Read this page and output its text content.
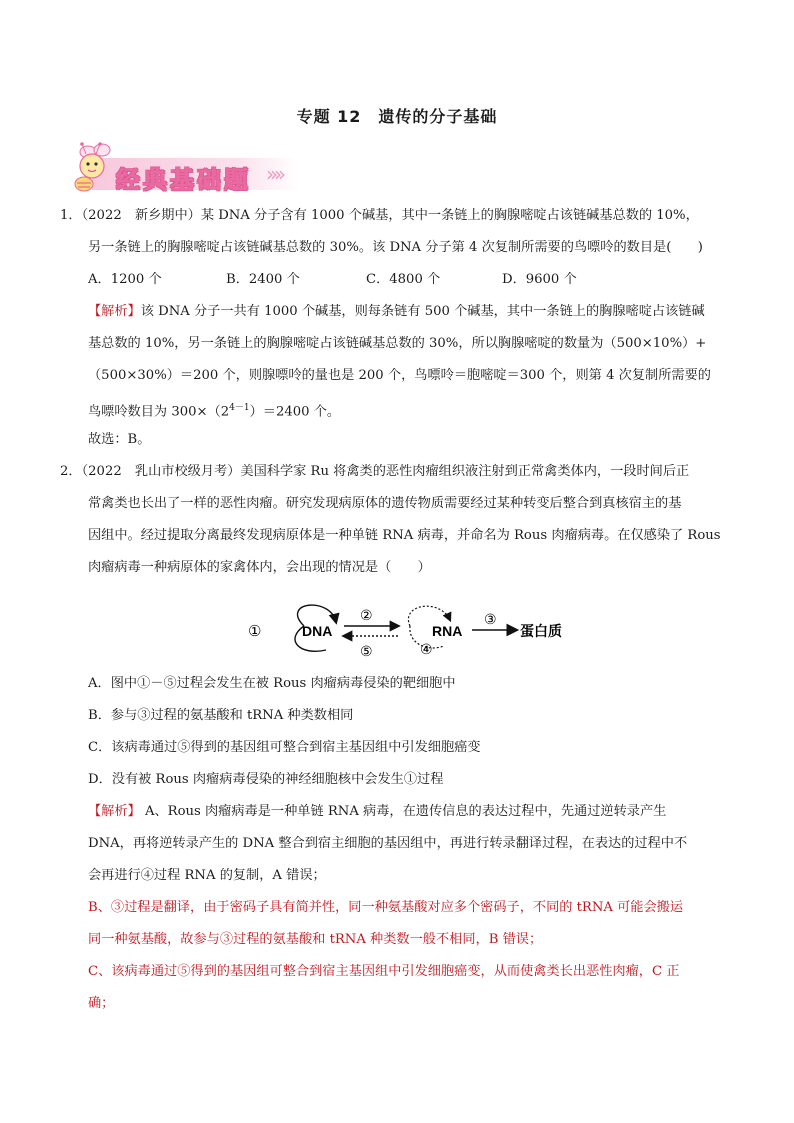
专题 12　遗传的分子基础
经典基础题 ››››
1．（2022　新乡期中）某 DNA 分子含有 1000 个碱基，其中一条链上的胸腺嘧啶占该链碱基总数的 10%，
另一条链上的胸腺嘧啶占该链碱基总数的 30%。该 DNA 分子第 4 次复制所需要的鸟嘌呤的数目是(　　)
A．1200 个	B．2400 个	C．4800 个	D．9600 个
【解析】该 DNA 分子一共有 1000 个碱基，则每条链有 500 个碱基，其中一条链上的胸腺嘧啶占该链碱
基总数的 10%，另一条链上的胸腺嘧啶占该链碱基总数的 30%，所以胸腺嘧啶的数量为（500×10%）+
（500×30%）＝200 个，则腺嘌呤的量也是 200 个，鸟嘌呤＝胞嘧啶＝300 个，则第 4 次复制所需要的
鸟嘌呤数目为 $300\times(2^{4-1})=2400$ 个。
故选：B。
2．（2022　乳山市校级月考）美国科学家 Ru 将禽类的恶性肉瘤组织液注射到正常禽类体内，一段时间后正
常禽类也长出了一样的恶性肉瘤。研究发现病原体的遗传物质需要经过某种转变后整合到真核宿主的基
因组中。经过提取分离最终发现病原体是一种单链 RNA 病毒，并命名为 Rous 肉瘤病毒。在仅感染了 Rous
肉瘤病毒一种病原体的家禽体内，会出现的情况是（　　）
①	DNA
②
⑤	④
RNA
③
蛋白质
A．图中①－⑤过程会发生在被 Rous 肉瘤病毒侵染的靶细胞中
B．参与③过程的氨基酸和 tRNA 种类数相同
C．该病毒通过⑤得到的基因组可整合到宿主基因组中引发细胞癌变
D．没有被 Rous 肉瘤病毒侵染的神经细胞核中会发生①过程
【解析】 A、Rous 肉瘤病毒是一种单链 RNA 病毒，在遗传信息的表达过程中，先通过逆转录产生
DNA，再将逆转录产生的 DNA 整合到宿主细胞的基因组中，再进行转录翻译过程，在表达的过程中不
会再进行④过程 RNA 的复制，A 错误；
B、③过程是翻译，由于密码子具有简并性，同一种氨基酸对应多个密码子，不同的 tRNA 可能会搬运
同一种氨基酸，故参与③过程的氨基酸和 tRNA 种类数一般不相同，B 错误；
C、该病毒通过⑤得到的基因组可整合到宿主基因组中引发细胞癌变，从而使禽类长出恶性肉瘤，C 正
确；
